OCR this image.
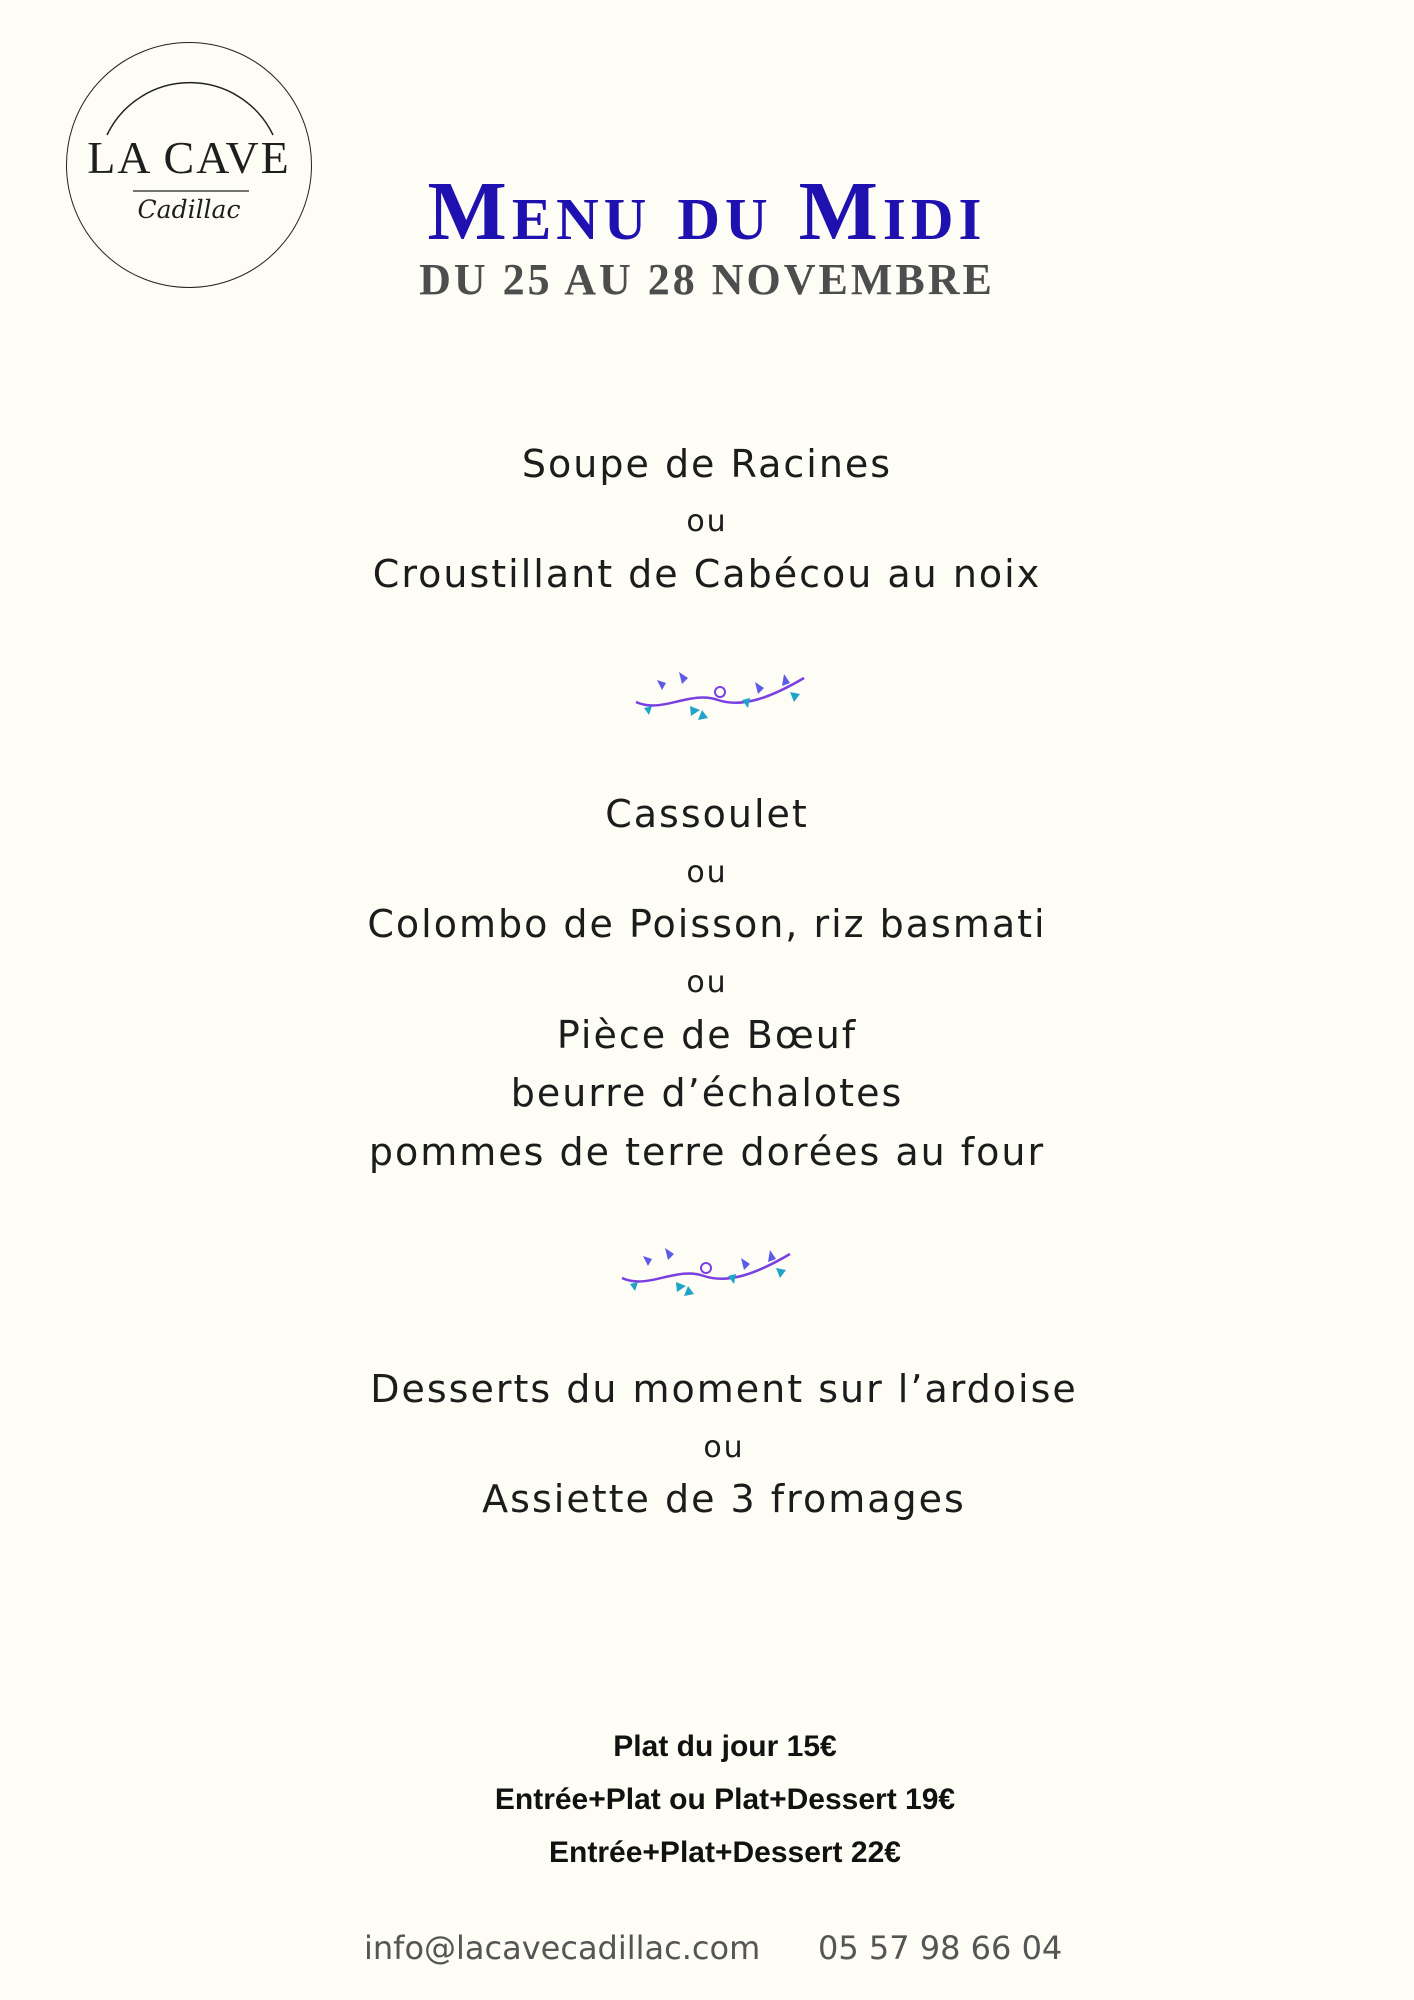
LA CAVE
Cadillac	Menu du Midi
DU 25 AU 28 NOVEMBRE
Soupe de Racines
ou
Croustillant de Cabécou au noix
Cassoulet
ou
Colombo de Poisson, riz basmati
ou
Pièce de Bœuf
beurre d’échalotes
pommes de terre dorées au four
Desserts du moment sur l’ardoise
ou
Assiette de 3 fromages
Plat du jour 15€
Entrée+Plat ou Plat+Dessert 19€
Entrée+Plat+Dessert 22€
info@lacavecadillac.com 05 57 98 66 04
